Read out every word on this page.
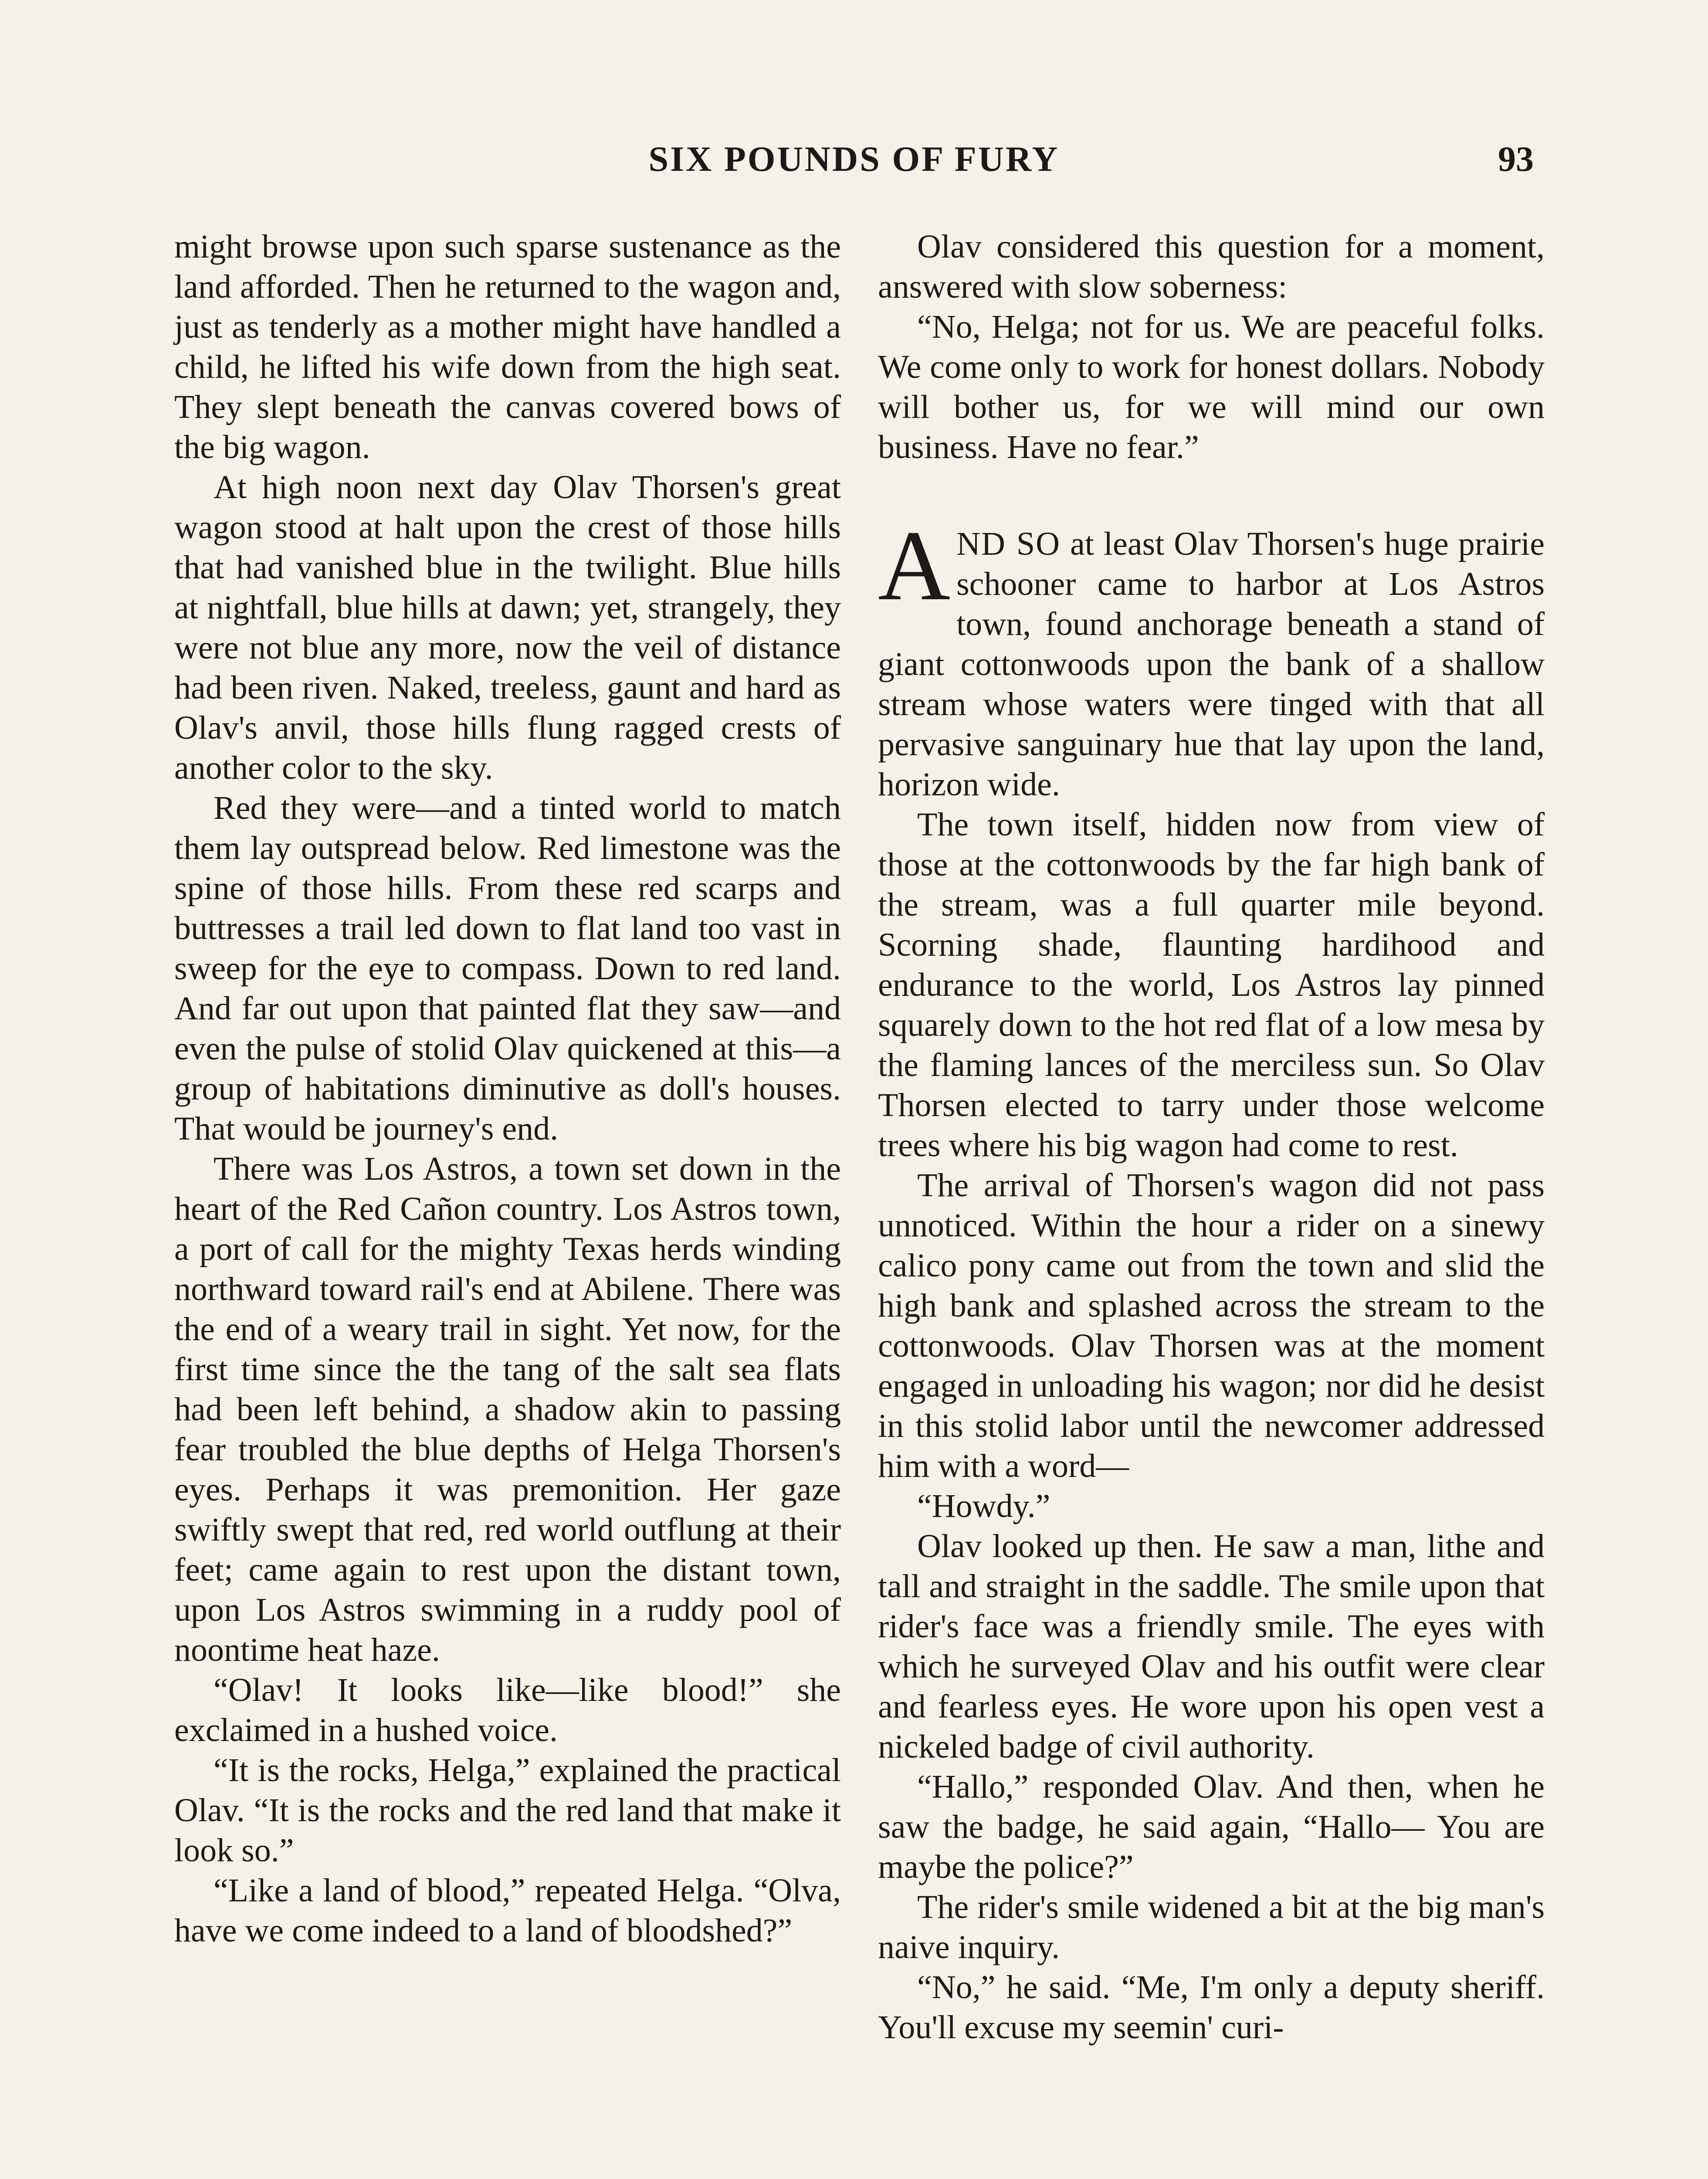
SIX POUNDS OF FURY	93

might browse upon such sparse sustenance as the land afforded. Then he returned to the wagon and, just as tenderly as a mother might have handled a child, he lifted his wife down from the high seat. They slept beneath the canvas covered bows of the big wagon.

At high noon next day Olav Thorsen's great wagon stood at halt upon the crest of those hills that had vanished blue in the twilight. Blue hills at nightfall, blue hills at dawn; yet, strangely, they were not blue any more, now the veil of distance had been riven. Naked, treeless, gaunt and hard as Olav's anvil, those hills flung ragged crests of another color to the sky.

Red they were—and a tinted world to match them lay outspread below. Red limestone was the spine of those hills. From these red scarps and buttresses a trail led down to flat land too vast in sweep for the eye to compass. Down to red land. And far out upon that painted flat they saw—and even the pulse of stolid Olav quickened at this—a group of habitations diminutive as doll's houses. That would be journey's end.

There was Los Astros, a town set down in the heart of the Red Cañon country. Los Astros town, a port of call for the mighty Texas herds winding northward toward rail's end at Abilene. There was the end of a weary trail in sight. Yet now, for the first time since the the tang of the salt sea flats had been left behind, a shadow akin to passing fear troubled the blue depths of Helga Thorsen's eyes. Perhaps it was premonition. Her gaze swiftly swept that red, red world outflung at their feet; came again to rest upon the distant town, upon Los Astros swimming in a ruddy pool of noontime heat haze.

“Olav! It looks like—like blood!” she exclaimed in a hushed voice.

“It is the rocks, Helga,” explained the practical Olav. “It is the rocks and the red land that make it look so.”

“Like a land of blood,” repeated Helga. “Olva, have we come indeed to a land of bloodshed?”

Olav considered this question for a moment, answered with slow soberness:

“No, Helga; not for us. We are peaceful folks. We come only to work for honest dollars. Nobody will bother us, for we will mind our own business. Have no fear.”

AND SO at least Olav Thorsen's huge prairie schooner came to harbor at Los Astros town, found anchorage beneath a stand of giant cottonwoods upon the bank of a shallow stream whose waters were tinged with that all pervasive sanguinary hue that lay upon the land, horizon wide.

The town itself, hidden now from view of those at the cottonwoods by the far high bank of the stream, was a full quarter mile beyond. Scorning shade, flaunting hardihood and endurance to the world, Los Astros lay pinned squarely down to the hot red flat of a low mesa by the flaming lances of the merciless sun. So Olav Thorsen elected to tarry under those welcome trees where his big wagon had come to rest.

The arrival of Thorsen's wagon did not pass unnoticed. Within the hour a rider on a sinewy calico pony came out from the town and slid the high bank and splashed across the stream to the cottonwoods. Olav Thorsen was at the moment engaged in unloading his wagon; nor did he desist in this stolid labor until the newcomer addressed him with a word—

“Howdy.”

Olav looked up then. He saw a man, lithe and tall and straight in the saddle. The smile upon that rider's face was a friendly smile. The eyes with which he surveyed Olav and his outfit were clear and fearless eyes. He wore upon his open vest a nickeled badge of civil authority.

“Hallo,” responded Olav. And then, when he saw the badge, he said again, “Hallo— You are maybe the police?”

The rider's smile widened a bit at the big man's naive inquiry.

“No,” he said. “Me, I'm only a deputy sheriff. You'll excuse my seemin' curi-
